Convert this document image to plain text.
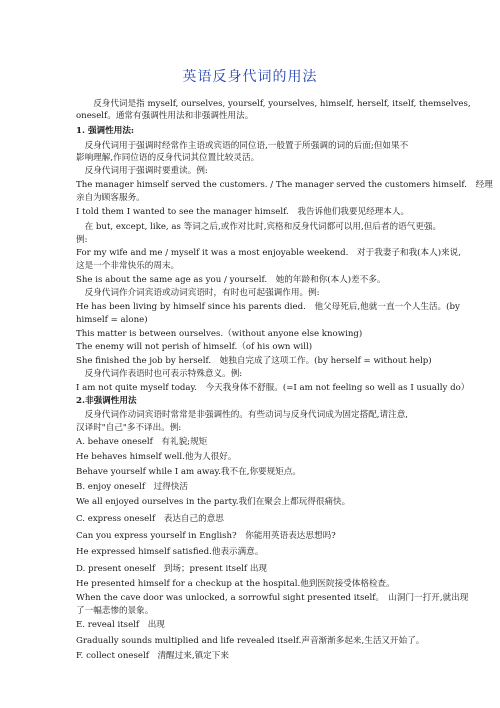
英语反身代词的用法
　　反身代词是指 myself, ourselves, yourself, yourselves, himself, herself, itself, themselves,
oneself。通常有强调性用法和非强调性用法。
1. 强调性用法:
　反身代词用于强调时经常作主语或宾语的同位语,一般置于所强调的词的后面;但如果不
影响理解,作同位语的反身代词其位置比较灵活。
　反身代词用于强调时要重读。例:
The manager himself served the customers. / The manager served the customers himself.　经理
亲自为顾客服务。
I told them I wanted to see the manager himself.　我告诉他们我要见经理本人。
　在 but, except, like, as 等词之后,或作对比时,宾格和反身代词都可以用,但后者的语气更强。
例:
For my wife and me / myself it was a most enjoyable weekend.　对于我妻子和我(本人)来说,
这是一个非常快乐的周末。
She is about the same age as you / yourself.　她的年龄和你(本人)差不多。
　反身代词作介词宾语或动词宾语时，有时也可起强调作用。例:
He has been living by himself since his parents died.　他父母死后,他就一直一个人生活。(by
himself = alone)
This matter is between ourselves.（without anyone else knowing)
The enemy will not perish of himself.（of his own will)
She finished the job by herself.　她独自完成了这项工作。(by herself = without help)
　反身代词作表语时也可表示特殊意义。例:
I am not quite myself today.　今天我身体不舒服。(=I am not feeling so well as I usually do）
2.非强调性用法
　反身代词作动词宾语时常常是非强调性的。有些动词与反身代词成为固定搭配,请注意,
汉译时"自己"多不译出。例:
A. behave oneself　有礼貌;规矩
He behaves himself well.他为人很好。
Behave yourself while I am away.我不在,你要规矩点。
B. enjoy oneself　过得快活
We all enjoyed ourselves in the party.我们在聚会上都玩得很痛快。
C. express oneself　表达自己的意思
Can you express yourself in English?　你能用英语表达思想吗?
He expressed himself satisfied.他表示满意。
D. present oneself　到场；present itself 出现
He presented himself for a checkup at the hospital.他到医院接受体格检查。
When the cave door was unlocked, a sorrowful sight presented itself。　山洞门一打开,就出现
了一幅悲惨的景象。
E. reveal itself　出现
Gradually sounds multiplied and life revealed itself.声音渐渐多起来,生活又开始了。
F. collect oneself　清醒过来,镇定下来
